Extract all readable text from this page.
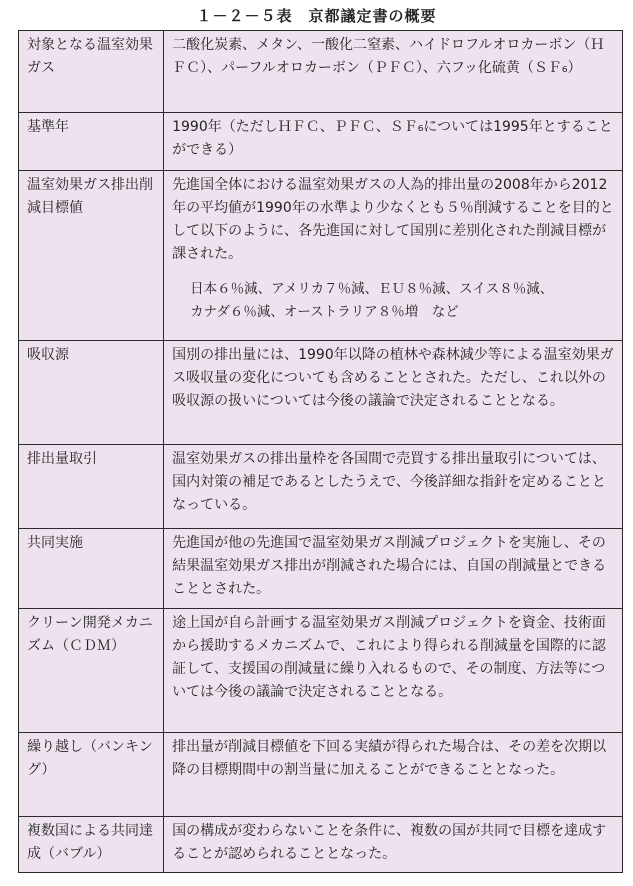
１－２－５表　京都議定書の概要
対象となる温室効果ガス	二酸化炭素、メタン、一酸化二窒素、ハイドロフルオロカーボン（ＨＦＣ）、パーフルオロカーボン（ＰＦＣ）、六フッ化硫黄（ＳＦ₆）
基準年	1990年（ただしＨＦＣ、ＰＦＣ、ＳＦ₆については1995年とすることができる）
温室効果ガス排出削減目標値	先進国全体における温室効果ガスの人為的排出量の2008年から2012年の平均値が1990年の水準より少なくとも５％削減することを目的として以下のように、各先進国に対して国別に差別化された削減目標が課された。
日本６％減、アメリカ７％減、ＥＵ８％減、スイス８％減、
カナダ６％減、オーストラリア８％増　など

吸収源	国別の排出量には、1990年以降の植林や森林減少等による温室効果ガス吸収量の変化についても含めることとされた。ただし、これ以外の吸収源の扱いについては今後の議論で決定されることとなる。
排出量取引	温室効果ガスの排出量枠を各国間で売買する排出量取引については、国内対策の補足であるとしたうえで、今後詳細な指針を定めることとなっている。
共同実施	先進国が他の先進国で温室効果ガス削減プロジェクトを実施し、その結果温室効果ガス排出が削減された場合には、自国の削減量とできることとされた。
クリーン開発メカニズム（ＣＤＭ）	途上国が自ら計画する温室効果ガス削減プロジェクトを資金、技術面から援助するメカニズムで、これにより得られる削減量を国際的に認証して、支援国の削減量に繰り入れるもので、その制度、方法等については今後の議論で決定されることとなる。
繰り越し（バンキング）	排出量が削減目標値を下回る実績が得られた場合は、その差を次期以降の目標期間中の割当量に加えることができることとなった。
複数国による共同達成（バブル）	国の構成が変わらないことを条件に、複数の国が共同で目標を達成することが認められることとなった。
